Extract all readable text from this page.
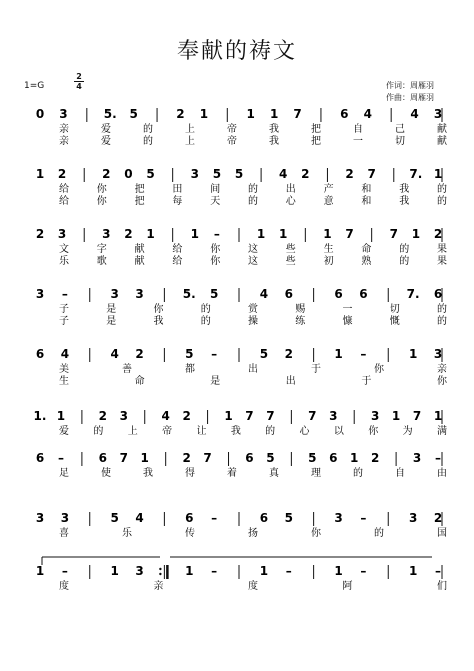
奉献的祷文
1=G
2
4	作词：周雁羽
作曲：周雁羽
0 3	5. 5	2 1	1 1 7	6 4	4 3
亲	爱	的	上	帝	我	把	自	己	献
亲	爱	的	上	帝	我	把	一	切	献
1 2	2 0 5	3 5 5	4 2	2 7	7. 1
给	你	把	田	间	的	出	产	和	我	的
给	你	把	每	天	的	心	意	和	我	的
2 3	3 2 1	1 –	1 1	1 7	7 1 2
文	字	献	给	你	这	些	生	命	的	果
乐	歌	献	给	你	这	些	初	熟	的	果
3 –	3 3	5. 5	4 6	6 6	7. 6
子	是	你	的	赏	赐	一	切	的
子	是	我	的	操	练	慷	慨	的
6 4	4 2	5 –	5 2	1 –	1 3
美	善	都	出	于	你	亲
生	命	是	出	于	你
1. 1	2 3	4 2	1 7 7	7 3	3 1 7 1
爱 的 上 帝 让 我 的 心 以 你 为 满
6 –	6 7 1	2 7	6 5	5 6 1 2	3 –
足	使	我	得	着	真	理	的	自	由
3 3	5 4	6 –	6 5	3 –	3 2
喜	乐	传	扬	你	的	国
1 –	1 3	1 –	1 –	1 –	1 –
度	亲	度	阿	们
